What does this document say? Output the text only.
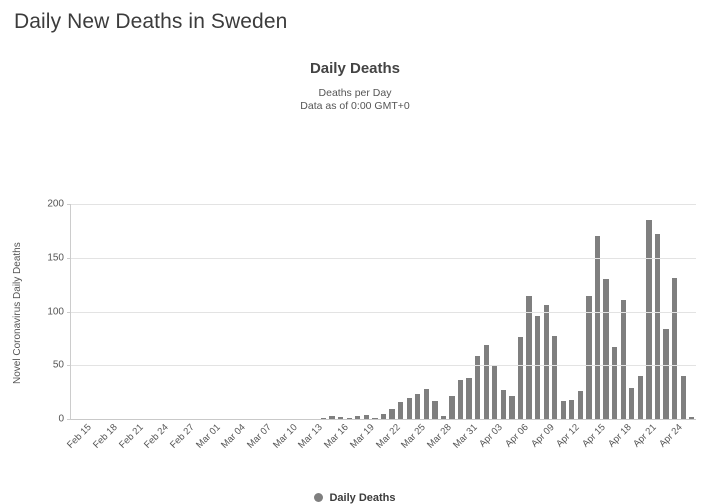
Daily New Deaths in Sweden
Daily Deaths
Deaths per Day
Data as of 0:00 GMT+0
Novel Coronavirus Daily Deaths
0
50
100
150
200
Feb 15
Feb 18
Feb 21
Feb 24
Feb 27
Mar 01
Mar 04
Mar 07
Mar 10
Mar 13
Mar 16
Mar 19
Mar 22
Mar 25
Mar 28
Mar 31
Apr 03
Apr 06
Apr 09
Apr 12
Apr 15
Apr 18
Apr 21
Apr 24
Daily Deaths
